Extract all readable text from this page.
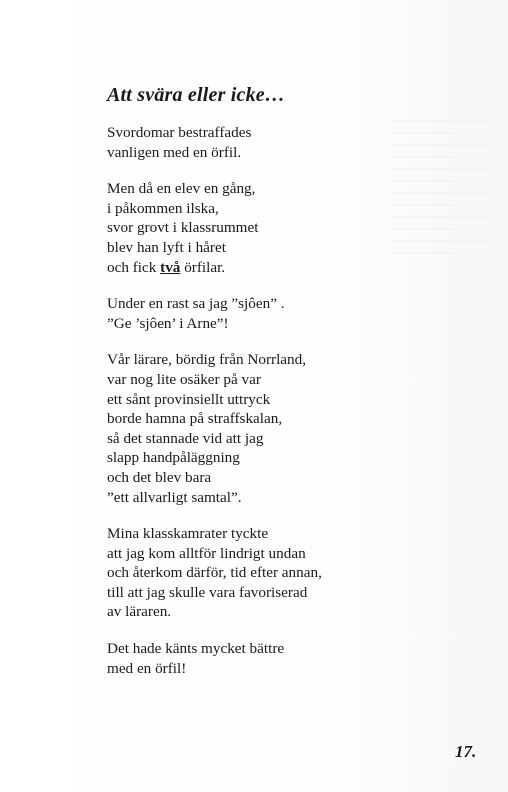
Att svära eller icke…
Svordomar bestraffades
vanligen med en örfil.
Men då en elev en gång,
i påkommen ilska,
svor grovt i klassrummet
blev han lyft i håret
och fick två örfilar.
Under en rast sa jag ”sjôen” .
”Ge ’sjôen’ i Arne”!
Vår lärare, bördig från Norrland,
var nog lite osäker på var
ett sånt provinsiellt uttryck
borde hamna på straffskalan,
så det stannade vid att jag
slapp handpåläggning
och det blev bara
”ett allvarligt samtal”.
Mina klasskamrater tyckte
att jag kom alltför lindrigt undan
och återkom därför, tid efter annan,
till att jag skulle vara favoriserad
av läraren.
Det hade känts mycket bättre
med en örfil!
17.
